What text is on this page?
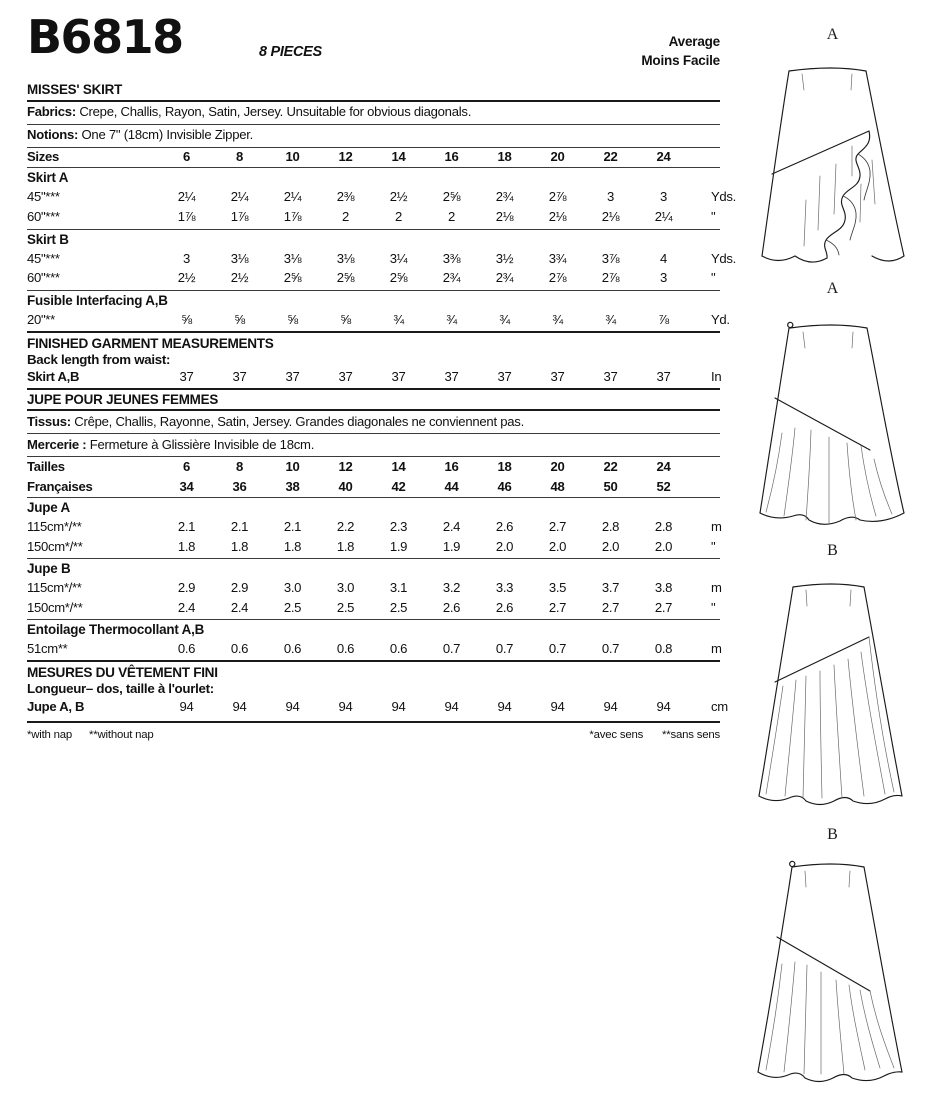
B6818	8 PIECES
Average
Moins Facile
MISSES' SKIRT
Fabrics: Crepe, Challis, Rayon, Satin, Jersey. Unsuitable for obvious diagonals.
Notions: One 7" (18cm) Invisible Zipper.
Sizes	6	8	10	12	14	16	18	20	22	24
Skirt A
45"***	2¼	2¼	2¼	2⅜	2½	2⅝	2¾	2⅞	3	3	Yds.
60"***	1⅞	1⅞	1⅞	2	2	2	2⅛	2⅛	2⅛	2¼	"
Skirt B
45"***	3	3⅛	3⅛	3⅛	3¼	3⅜	3½	3¾	3⅞	4	Yds.
60"***	2½	2½	2⅝	2⅝	2⅝	2¾	2¾	2⅞	2⅞	3	"
Fusible Interfacing A,B
20"**	⅝	⅝	⅝	⅝	¾	¾	¾	¾	¾	⅞	Yd.
FINISHED GARMENT MEASUREMENTS
Back length from waist:
Skirt A,B	37	37	37	37	37	37	37	37	37	37	In
JUPE POUR JEUNES FEMMES
Tissus: Crêpe, Challis, Rayonne, Satin, Jersey. Grandes diagonales ne conviennent pas.
Mercerie : Fermeture à Glissière Invisible de 18cm.
Tailles	6	8	10	12	14	16	18	20	22	24
Françaises	34	36	38	40	42	44	46	48	50	52
Jupe A
115cm*/**	2.1	2.1	2.1	2.2	2.3	2.4	2.6	2.7	2.8	2.8	m
150cm*/**	1.8	1.8	1.8	1.8	1.9	1.9	2.0	2.0	2.0	2.0	"
Jupe B
115cm*/**	2.9	2.9	3.0	3.0	3.1	3.2	3.3	3.5	3.7	3.8	m
150cm*/**	2.4	2.4	2.5	2.5	2.5	2.6	2.6	2.7	2.7	2.7	"
Entoilage Thermocollant A,B
51cm**	0.6	0.6	0.6	0.6	0.6	0.7	0.7	0.7	0.7	0.8	m
MESURES DU VÊTEMENT FINI
Longueur– dos, taille à l'ourlet:
Jupe A, B	94	94	94	94	94	94	94	94	94	94	cm
*with nap **without nap	*avec sens **sans sens
A
A
B
B
